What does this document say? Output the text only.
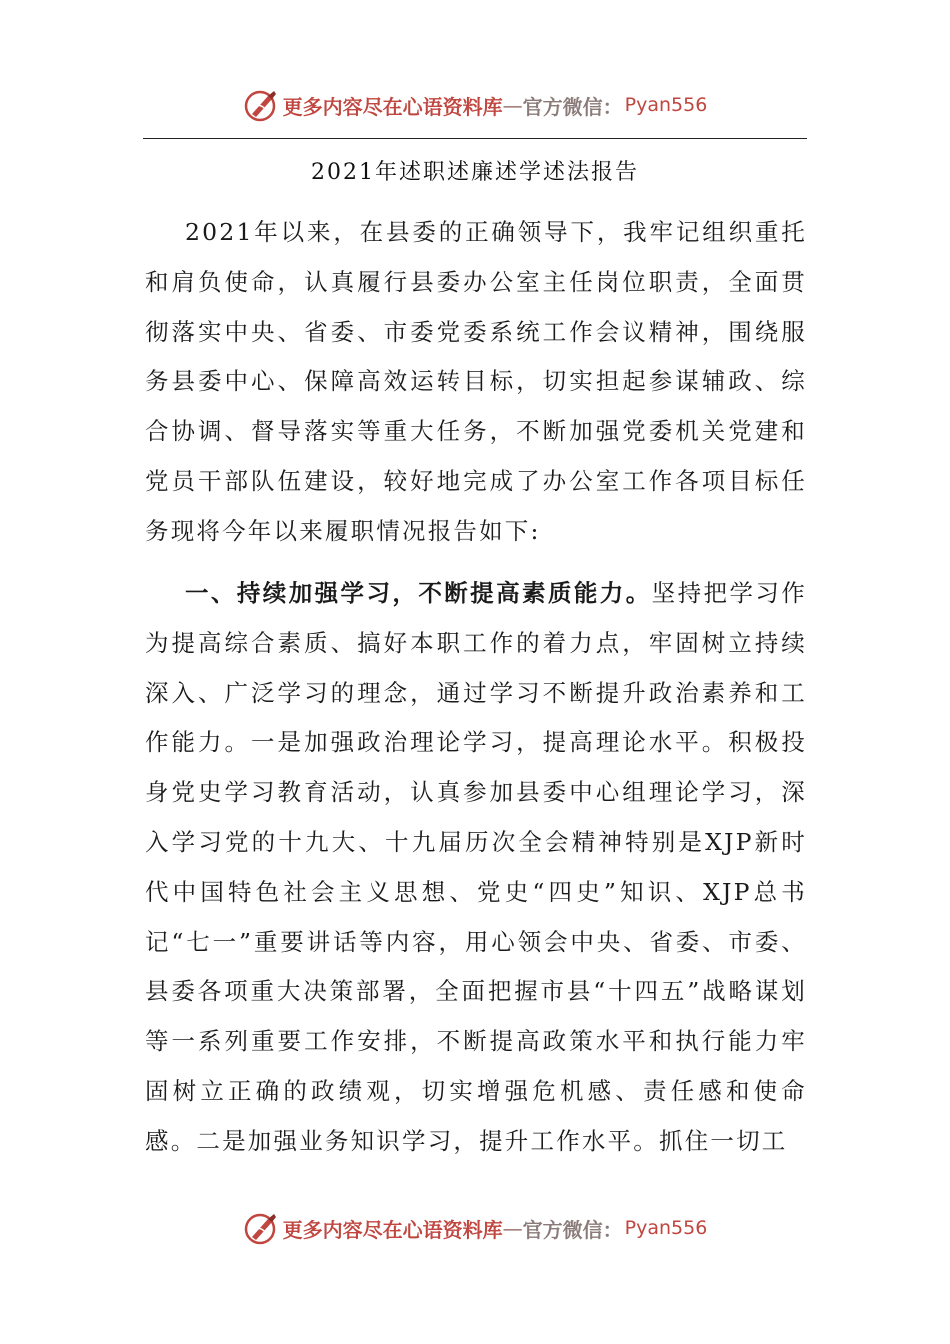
更多内容尽在心语资料库 — 官方微信： Pyan556
2021年述职述廉述学述法报告
2021年以来，在县委的正确领导下，我牢记组织重托和肩负使命，认真履行县委办公室主任岗位职责，全面贯彻落实中央、省委、市委党委系统工作会议精神，围绕服务县委中心、保障高效运转目标，切实担起参谋辅政、综合协调、督导落实等重大任务，不断加强党委机关党建和党员干部队伍建设，较好地完成了办公室工作各项目标任务现将今年以来履职情况报告如下:
一、持续加强学习，不断提高素质能力。坚持把学习作为提高综合素质、搞好本职工作的着力点，牢固树立持续深入、广泛学习的理念，通过学习不断提升政治素养和工作能力。一是加强政治理论学习，提高理论水平。积极投身党史学习教育活动，认真参加县委中心组理论学习，深入学习党的十九大、十九届历次全会精神特别是XJP新时代中国特色社会主义思想、党史“四史”知识、XJP总书记“七一”重要讲话等内容，用心领会中央、省委、市委、县委各项重大决策部署，全面把握市县“十四五”战略谋划等一系列重要工作安排，不断提高政策水平和执行能力牢固树立正确的政绩观，切实增强危机感、责任感和使命感。二是加强业务知识学习，提升工作水平。抓住一切工
更多内容尽在心语资料库 — 官方微信： Pyan556
